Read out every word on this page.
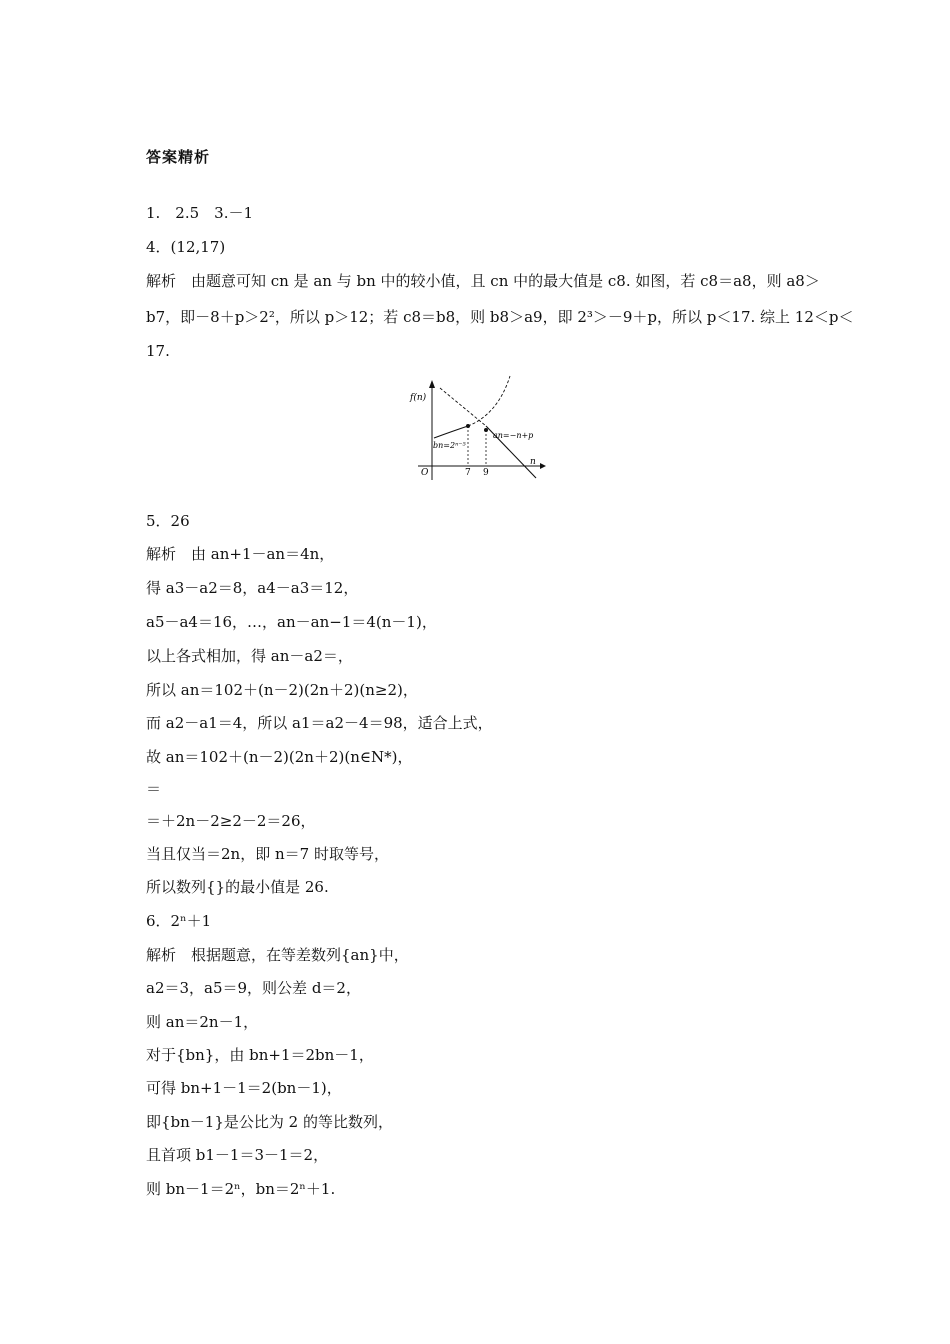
答案精析
1.　2.5　3.－1
4．(12,17)
解析　由题意可知 cn 是 an 与 bn 中的较小值，且 cn 中的最大值是 c8. 如图，若 c8＝a8，则 a8＞
b7，即－8＋p＞2²，所以 p＞12；若 c8＝b8，则 b8＞a9，即 2³＞－9＋p，所以 p＜17. 综上 12＜p＜
17.
f(n)
n
O	7 9
bn=2ⁿ⁻⁵
an=−n+p
5．26
解析　由 an+1－an＝4n，
得 a3－a2＝8，a4－a3＝12，
a5－a4＝16，…，an－an−1＝4(n－1)，
以上各式相加，得 an－a2＝，
所以 an＝102＋(n－2)(2n＋2)(n≥2)，
而 a2－a1＝4，所以 a1＝a2－4＝98，适合上式，
故 an＝102＋(n－2)(2n＋2)(n∈N*)，
＝
＝＋2n－2≥2－2＝26，
当且仅当＝2n，即 n＝7 时取等号，
所以数列{}的最小值是 26.
6．2ⁿ＋1
解析　根据题意，在等差数列{an}中，
a2＝3，a5＝9，则公差 d＝2，
则 an＝2n－1，
对于{bn}，由 bn+1＝2bn－1，
可得 bn+1－1＝2(bn－1)，
即{bn－1}是公比为 2 的等比数列，
且首项 b1－1＝3－1＝2，
则 bn－1＝2ⁿ，bn＝2ⁿ＋1.
